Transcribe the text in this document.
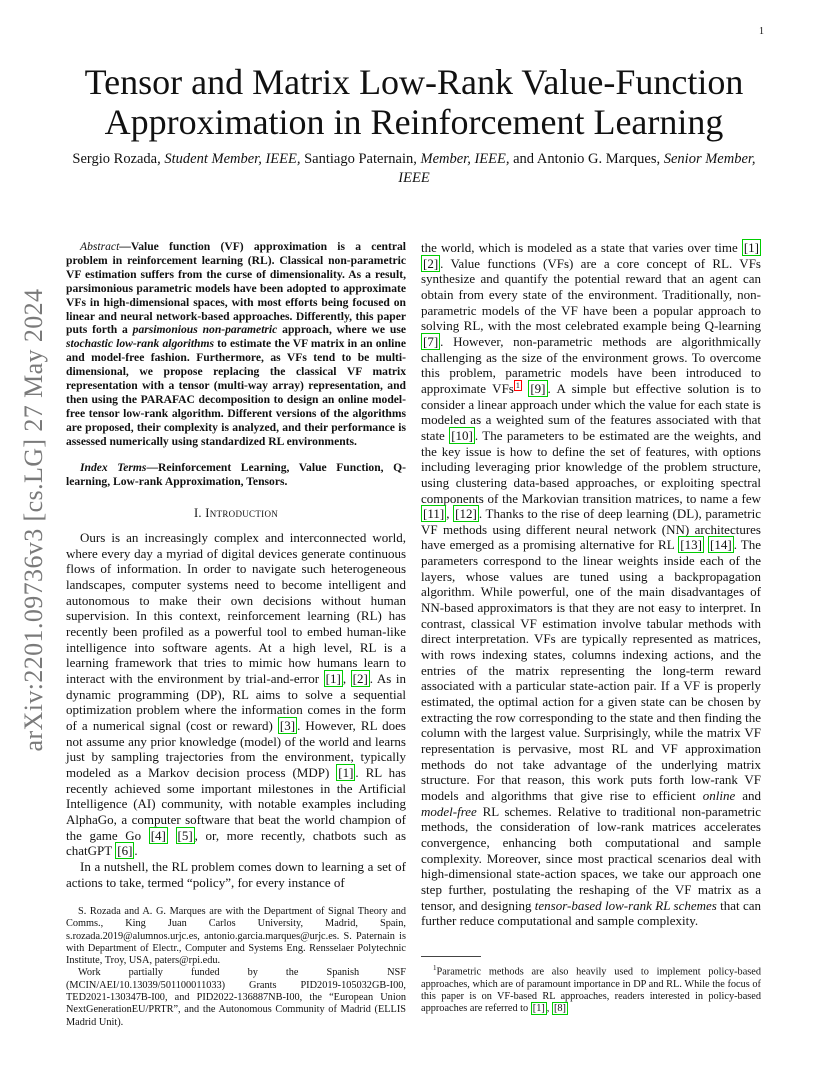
1
arXiv:2201.09736v3 [cs.LG] 27 May 2024
Tensor and Matrix Low-Rank Value-Function
Approximation in Reinforcement Learning
Sergio Rozada, Student Member, IEEE, Santiago Paternain, Member, IEEE, and Antonio G. Marques, Senior Member, IEEE

Abstract—Value function (VF) approximation is a central problem in reinforcement learning (RL). Classical non-parametric VF estimation suffers from the curse of dimensionality. As a result, parsimonious parametric models have been adopted to approximate VFs in high-dimensional spaces, with most efforts being focused on linear and neural network-based approaches. Differently, this paper puts forth a parsimonious non-parametric approach, where we use stochastic low-rank algorithms to estimate the VF matrix in an online and model-free fashion. Furthermore, as VFs tend to be multi-dimensional, we propose replacing the classical VF matrix representation with a tensor (multi-way array) representation, and then using the PARAFAC decomposition to design an online model-free tensor low-rank algorithm. Different versions of the algorithms are proposed, their complexity is analyzed, and their performance is assessed numerically using standardized RL environments.

Index Terms—Reinforcement Learning, Value Function, Q-learning, Low-rank Approximation, Tensors.

I. Introduction

Ours is an increasingly complex and interconnected world, where every day a myriad of digital devices generate continuous flows of information. In order to navigate such heterogeneous landscapes, computer systems need to become intelligent and autonomous to make their own decisions without human supervision. In this context, reinforcement learning (RL) has recently been profiled as a powerful tool to embed human-like intelligence into software agents. At a high level, RL is a learning framework that tries to mimic how humans learn to interact with the environment by trial-and-error [1] , [2] . As in dynamic programming (DP), RL aims to solve a sequential optimization problem where the information comes in the form of a numerical signal (cost or reward) [3] . However, RL does not assume any prior knowledge (model) of the world and learns just by sampling trajectories from the environment, typically modeled as a Markov decision process (MDP) [1] . RL has recently achieved some important milestones in the Artificial Intelligence (AI) community, with notable examples including AlphaGo, a computer software that beat the world champion of the game Go [4] [5] , or, more recently, chatbots such as chatGPT [6] .

In a nutshell, the RL problem comes down to learning a set of actions to take, termed “policy”, for every instance of

S. Rozada and A. G. Marques are with the Department of Signal Theory and Comms., King Juan Carlos University, Madrid, Spain, s.rozada.2019@alumnos.urjc.es, antonio.garcia.marques@urjc.es. S. Paternain is with Department of Electr., Computer and Systems Eng. Rensselaer Polytechnic Institute, Troy, USA, paters@rpi.edu.

Work partially funded by the Spanish NSF (MCIN/AEI/10.13039/501100011033) Grants PID2019-105032GB-I00, TED2021-130347B-I00, and PID2022-136887NB-I00, the “European Union NextGenerationEU/PRTR”, and the Autonomous Community of Madrid (ELLIS Madrid Unit).

the world, which is modeled as a state that varies over time [1] [2] . Value functions (VFs) are a core concept of RL. VFs synthesize and quantify the potential reward that an agent can obtain from every state of the environment. Traditionally, non-parametric models of the VF have been a popular approach to solving RL, with the most celebrated example being Q-learning [7] . However, non-parametric methods are algorithmically challenging as the size of the environment grows. To overcome this problem, parametric models have been introduced to approximate VFs $^1$ [9] . A simple but effective solution is to consider a linear approach under which the value for each state is modeled as a weighted sum of the features associated with that state [10] . The parameters to be estimated are the weights, and the key issue is how to define the set of features, with options including leveraging prior knowledge of the problem structure, using clustering data-based approaches, or exploiting spectral components of the Markovian transition matrices, to name a few [11] , [12] . Thanks to the rise of deep learning (DL), parametric VF methods using different neural network (NN) architectures have emerged as a promising alternative for RL [13] [14] . The parameters correspond to the linear weights inside each of the layers, whose values are tuned using a backpropagation algorithm. While powerful, one of the main disadvantages of NN-based approximators is that they are not easy to interpret. In contrast, classical VF estimation involve tabular methods with direct interpretation. VFs are typically represented as matrices, with rows indexing states, columns indexing actions, and the entries of the matrix representing the long-term reward associated with a particular state-action pair. If a VF is properly estimated, the optimal action for a given state can be chosen by extracting the row corresponding to the state and then finding the column with the largest value. Surprisingly, while the matrix VF representation is pervasive, most RL and VF approximation methods do not take advantage of the underlying matrix structure. For that reason, this work puts forth low-rank VF models and algorithms that give rise to efficient online and model-free RL schemes. Relative to traditional non-parametric methods, the consideration of low-rank matrices accelerates convergence, enhancing both computational and sample complexity. Moreover, since most practical scenarios deal with high-dimensional state-action spaces, we take our approach one step further, postulating the reshaping of the VF matrix as a tensor, and designing tensor-based low-rank RL schemes that can further reduce computational and sample complexity.

$^1$Parametric methods are also heavily used to implement policy-based approaches, which are of paramount importance in DP and RL. While the focus of this paper is on VF-based RL approaches, readers interested in policy-based approaches are referred to [1] , [8]
